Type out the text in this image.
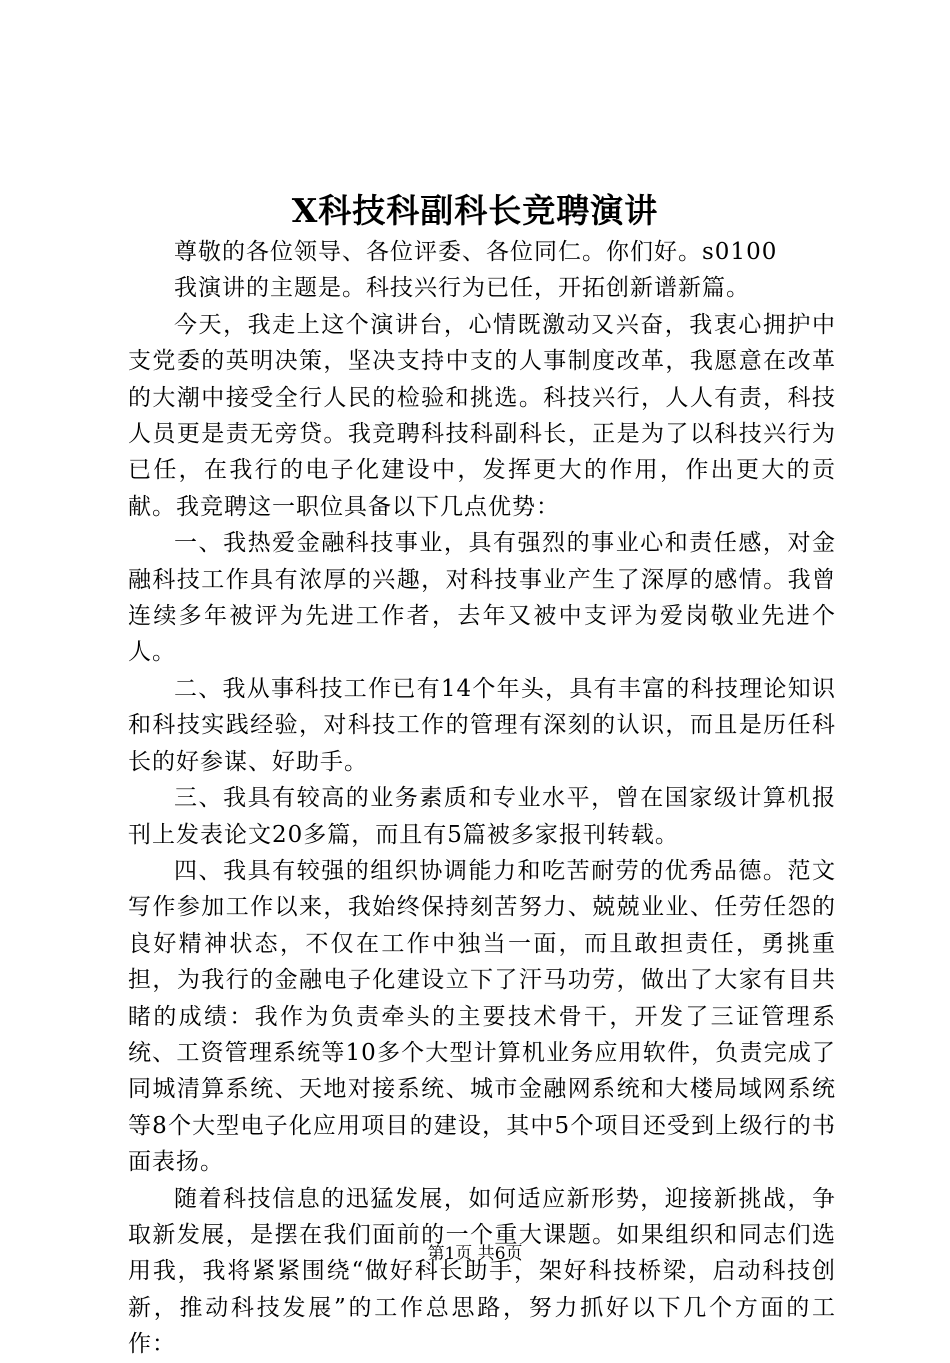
X科技科副科长竞聘演讲

尊敬的各位领导、各位评委、各位同仁。你们好。s0100

我演讲的主题是。科技兴行为已任，开拓创新谱新篇。

今天，我走上这个演讲台，心情既激动又兴奋，我衷心拥护中支党委的英明决策，坚决支持中支的人事制度改革，我愿意在改革的大潮中接受全行人民的检验和挑选。科技兴行，人人有责，科技人员更是责无旁贷。我竞聘科技科副科长，正是为了以科技兴行为已任，在我行的电子化建设中，发挥更大的作用，作出更大的贡献。我竞聘这一职位具备以下几点优势：

一、我热爱金融科技事业，具有强烈的事业心和责任感，对金融科技工作具有浓厚的兴趣，对科技事业产生了深厚的感情。我曾连续多年被评为先进工作者，去年又被中支评为爱岗敬业先进个人。

二、我从事科技工作已有14个年头，具有丰富的科技理论知识和科技实践经验，对科技工作的管理有深刻的认识，而且是历任科长的好参谋、好助手。

三、我具有较高的业务素质和专业水平，曾在国家级计算机报刊上发表论文20多篇，而且有5篇被多家报刊转载。

四、我具有较强的组织协调能力和吃苦耐劳的优秀品德。范文写作参加工作以来，我始终保持刻苦努力、兢兢业业、任劳任怨的良好精神状态，不仅在工作中独当一面，而且敢担责任，勇挑重担，为我行的金融电子化建设立下了汗马功劳，做出了大家有目共睹的成绩：我作为负责牵头的主要技术骨干，开发了三证管理系统、工资管理系统等10多个大型计算机业务应用软件，负责完成了同城清算系统、天地对接系统、城市金融网系统和大楼局域网系统等8个大型电子化应用项目的建设，其中5个项目还受到上级行的书面表扬。

随着科技信息的迅猛发展，如何适应新形势，迎接新挑战，争取新发展，是摆在我们面前的一个重大课题。如果组织和同志们选用我，我将紧紧围绕“做好科长助手，架好科技桥梁，启动科技创新，推动科技发展”的工作总思路，努力抓好以下几个方面的工作：

第1页 共6页
